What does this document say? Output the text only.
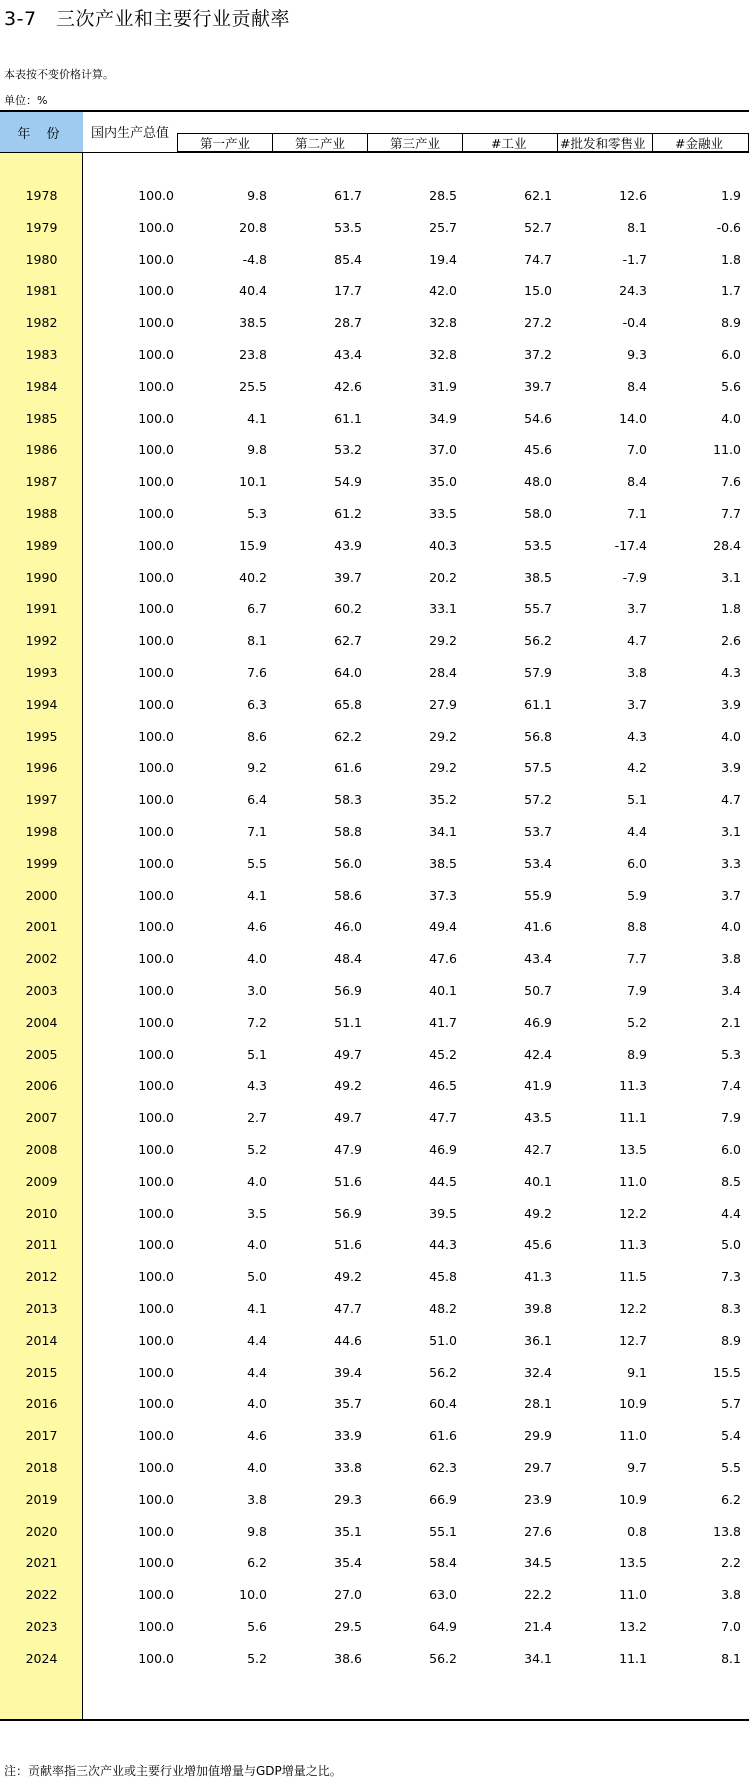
3-7　三次产业和主要行业贡献率
本表按不变价格计算。
单位：%
年 份	国内生产总值
第一产业	第二产业	第三产业	#工业	#批发和零售业	#金融业
1978	100.0	9.8	61.7	28.5	62.1	12.6	1.9
1979	100.0	20.8	53.5	25.7	52.7	8.1	-0.6
1980	100.0	-4.8	85.4	19.4	74.7	-1.7	1.8
1981	100.0	40.4	17.7	42.0	15.0	24.3	1.7
1982	100.0	38.5	28.7	32.8	27.2	-0.4	8.9
1983	100.0	23.8	43.4	32.8	37.2	9.3	6.0
1984	100.0	25.5	42.6	31.9	39.7	8.4	5.6
1985	100.0	4.1	61.1	34.9	54.6	14.0	4.0
1986	100.0	9.8	53.2	37.0	45.6	7.0	11.0
1987	100.0	10.1	54.9	35.0	48.0	8.4	7.6
1988	100.0	5.3	61.2	33.5	58.0	7.1	7.7
1989	100.0	15.9	43.9	40.3	53.5	-17.4	28.4
1990	100.0	40.2	39.7	20.2	38.5	-7.9	3.1
1991	100.0	6.7	60.2	33.1	55.7	3.7	1.8
1992	100.0	8.1	62.7	29.2	56.2	4.7	2.6
1993	100.0	7.6	64.0	28.4	57.9	3.8	4.3
1994	100.0	6.3	65.8	27.9	61.1	3.7	3.9
1995	100.0	8.6	62.2	29.2	56.8	4.3	4.0
1996	100.0	9.2	61.6	29.2	57.5	4.2	3.9
1997	100.0	6.4	58.3	35.2	57.2	5.1	4.7
1998	100.0	7.1	58.8	34.1	53.7	4.4	3.1
1999	100.0	5.5	56.0	38.5	53.4	6.0	3.3
2000	100.0	4.1	58.6	37.3	55.9	5.9	3.7
2001	100.0	4.6	46.0	49.4	41.6	8.8	4.0
2002	100.0	4.0	48.4	47.6	43.4	7.7	3.8
2003	100.0	3.0	56.9	40.1	50.7	7.9	3.4
2004	100.0	7.2	51.1	41.7	46.9	5.2	2.1
2005	100.0	5.1	49.7	45.2	42.4	8.9	5.3
2006	100.0	4.3	49.2	46.5	41.9	11.3	7.4
2007	100.0	2.7	49.7	47.7	43.5	11.1	7.9
2008	100.0	5.2	47.9	46.9	42.7	13.5	6.0
2009	100.0	4.0	51.6	44.5	40.1	11.0	8.5
2010	100.0	3.5	56.9	39.5	49.2	12.2	4.4
2011	100.0	4.0	51.6	44.3	45.6	11.3	5.0
2012	100.0	5.0	49.2	45.8	41.3	11.5	7.3
2013	100.0	4.1	47.7	48.2	39.8	12.2	8.3
2014	100.0	4.4	44.6	51.0	36.1	12.7	8.9
2015	100.0	4.4	39.4	56.2	32.4	9.1	15.5
2016	100.0	4.0	35.7	60.4	28.1	10.9	5.7
2017	100.0	4.6	33.9	61.6	29.9	11.0	5.4
2018	100.0	4.0	33.8	62.3	29.7	9.7	5.5
2019	100.0	3.8	29.3	66.9	23.9	10.9	6.2
2020	100.0	9.8	35.1	55.1	27.6	0.8	13.8
2021	100.0	6.2	35.4	58.4	34.5	13.5	2.2
2022	100.0	10.0	27.0	63.0	22.2	11.0	3.8
2023	100.0	5.6	29.5	64.9	21.4	13.2	7.0
2024	100.0	5.2	38.6	56.2	34.1	11.1	8.1
注：贡献率指三次产业或主要行业增加值增量与GDP增量之比。
